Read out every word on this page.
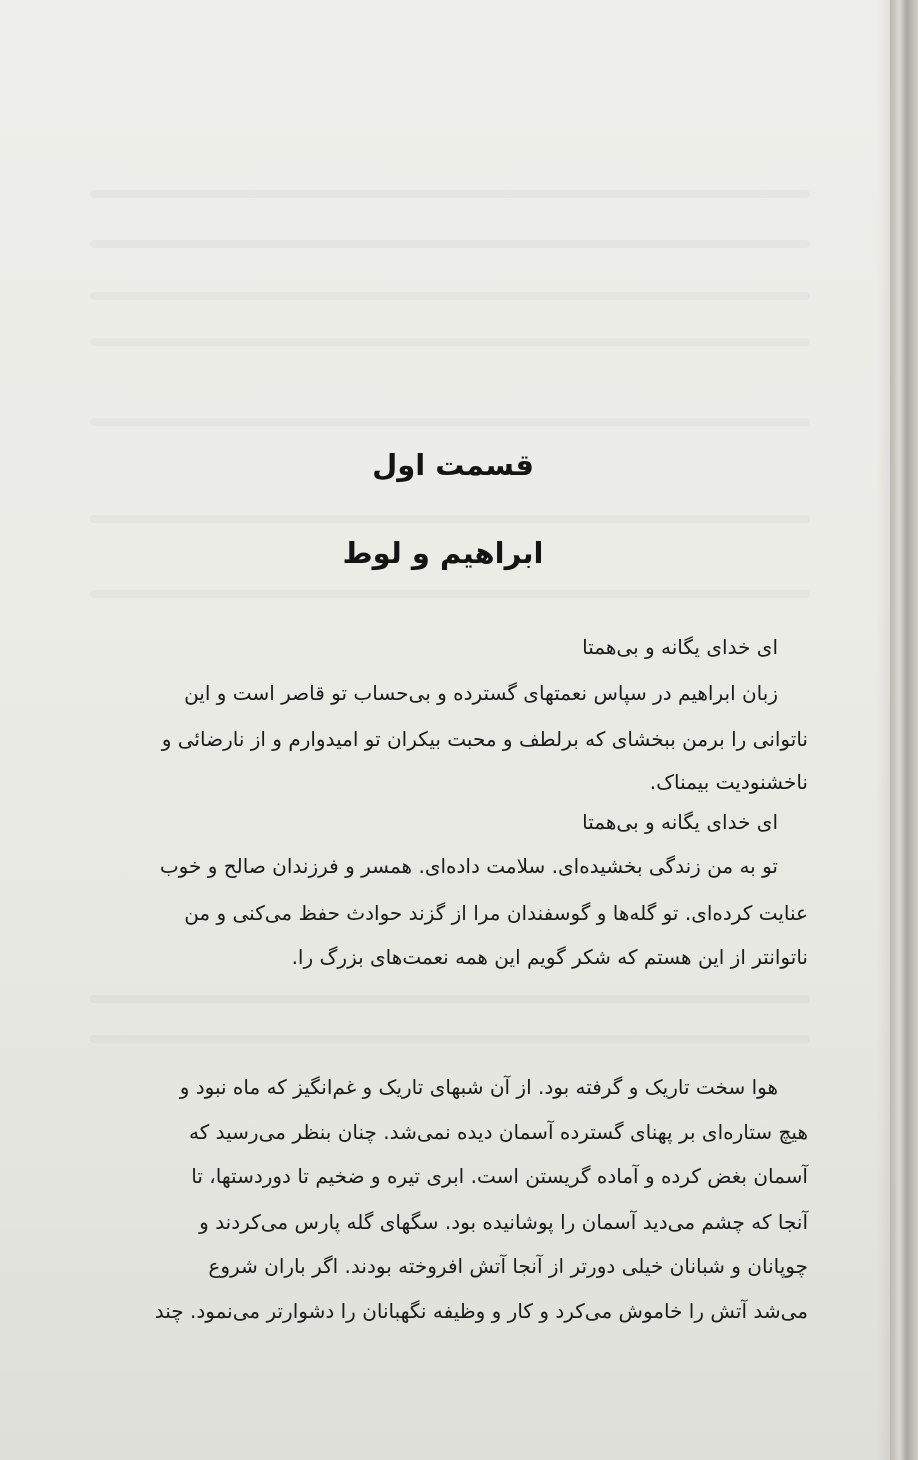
قسمت اول
ابراهيم و لوط

ای خدای یگانه و بی‌همتا

زبان ابراهیم در سپاس نعمتهای گسترده و بی‌حساب تو قاصر است و این

ناتوانی را برمن ببخشای که برلطف و محبت بیکران تو امیدوارم و از نارضائی و

ناخشنودیت بیمناک.

ای خدای یگانه و بی‌همتا

تو به من زندگی بخشیده‌ای. سلامت داده‌ای. همسر و فرزندان صالح و خوب

عنایت کرده‌ای. تو گله‌ها و گوسفندان مرا از گزند حوادث حفظ می‌کنی و من

ناتوانتر از این هستم که شکر گویم این همه نعمت‌های بزرگ را.

هوا سخت تاریک و گرفته بود. از آن شبهای تاریک و غم‌انگیز که ماه نبود و

هیچ ستاره‌ای بر پهنای گسترده آسمان دیده نمی‌شد. چنان بنظر می‌رسید که

آسمان بغض کرده و آماده گریستن است. ابری تیره و ضخیم تا دوردستها، تا

آنجا که چشم می‌دید آسمان را پوشانیده بود. سگهای گله پارس می‌کردند و

چوپانان و شبانان خیلی دورتر از آنجا آتش افروخته بودند. اگر باران شروع

می‌شد آتش را خاموش می‌کرد و کار و وظیفه نگهبانان را دشوارتر می‌نمود. چند
